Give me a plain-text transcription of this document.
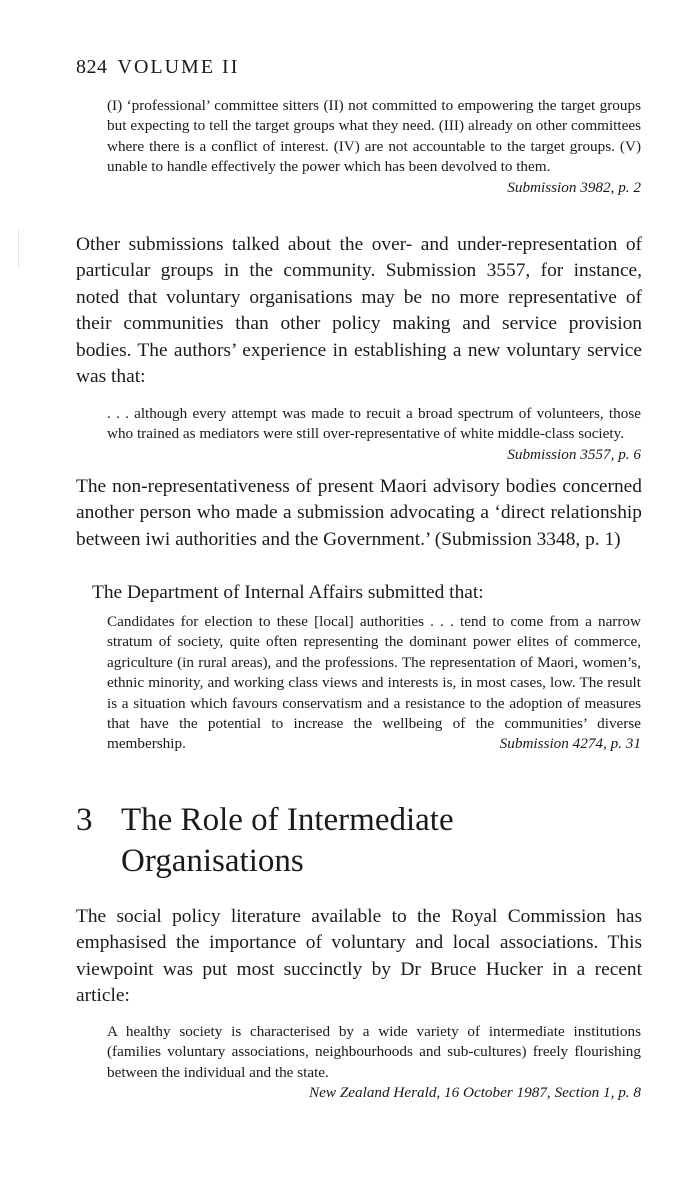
824 VOLUME II
(I) ‘professional’ committee sitters (II) not committed to empowering the target groups but expecting to tell the target groups what they need. (III) already on other committees where there is a conflict of interest. (IV) are not accountable to the target groups. (V) unable to handle effectively the power which has been devolved to them.
Submission 3982, p. 2
Other submissions talked about the over- and under-representation of particular groups in the community. Submission 3557, for instance, noted that voluntary organisations may be no more representative of their communities than other policy making and service provision bodies. The authors’ experience in establishing a new voluntary service was that:
. . . although every attempt was made to recuit a broad spectrum of volunteers, those who trained as mediators were still over-representative of white middle-class society.
Submission 3557, p. 6
The non-representativeness of present Maori advisory bodies concerned another person who made a submission advocating a ‘direct relationship between iwi authorities and the Government.’ (Submission 3348, p. 1)
The Department of Internal Affairs submitted that:
Candidates for election to these [local] authorities . . . tend to come from a narrow stratum of society, quite often representing the dominant power elites of commerce, agriculture (in rural areas), and the professions. The representation of Maori, women’s, ethnic minority, and working class views and interests is, in most cases, low. The result is a situation which favours conservatism and a resistance to the adoption of measures that have the potential to increase the wellbeing of the communities’ diverse membership.	Submission 4274, p. 31
3 The Role of Intermediate Organisations
The social policy literature available to the Royal Commission has emphasised the importance of voluntary and local associations. This viewpoint was put most succinctly by Dr Bruce Hucker in a recent article:
A healthy society is characterised by a wide variety of intermediate institutions (families voluntary associations, neighbourhoods and sub-cultures) freely flourishing between the individual and the state.
New Zealand Herald, 16 October 1987, Section 1, p. 8
